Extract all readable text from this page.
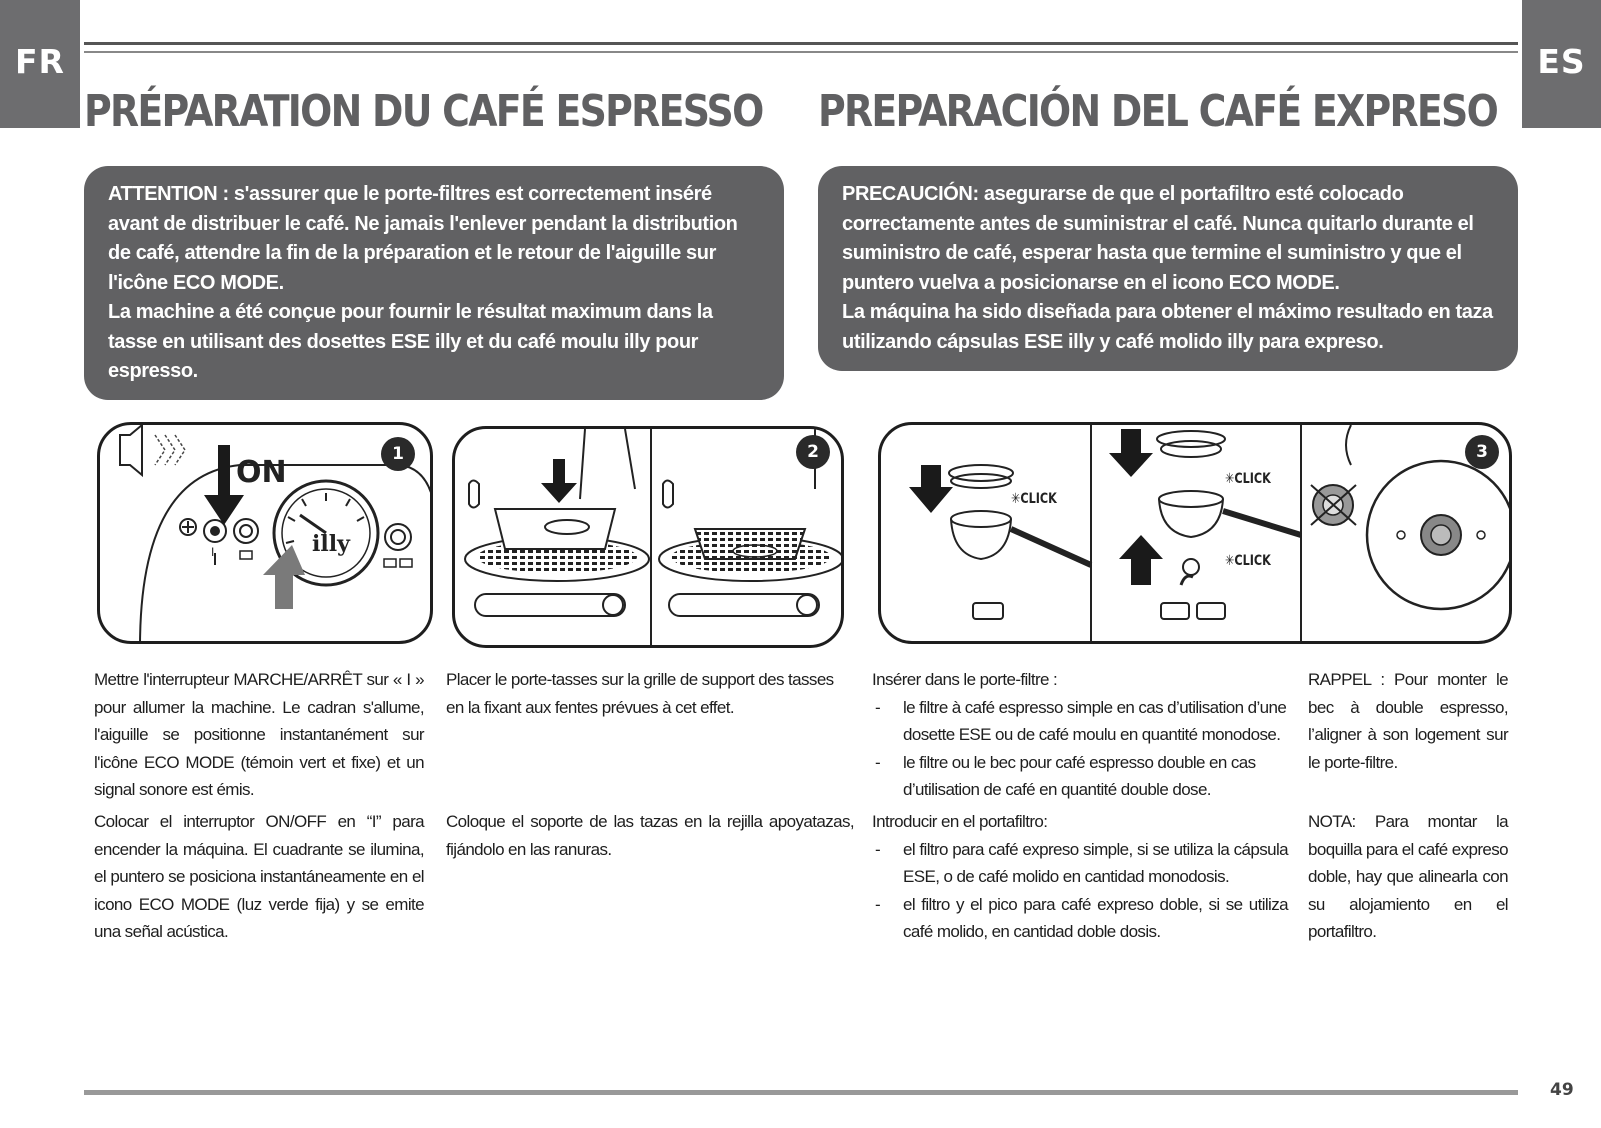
FR	ES
PRÉPARATION DU CAFÉ ESPRESSO PREPARACIÓN DEL CAFÉ EXPRESO

ATTENTION : s'assurer que le porte-filtres est correctement inséré avant de distribuer le café. Ne jamais l'enlever pendant la distribution de café, attendre la fin de la préparation et le retour de l'aiguille sur l'icône ECO MODE.

La machine a été conçue pour fournir le résultat maximum dans la tasse en utilisant des dosettes ESE illy et du café moulu illy pour espresso.

PRECAUCIÓN: asegurarse de que el portafiltro esté colocado correctamente antes de suministrar el café. Nunca quitarlo durante el suministro de café, esperar hasta que termine el suministro y que el puntero vuelva a posicionarse en el icono ECO MODE.

La máquina ha sido diseñada para obtener el máximo resultado en taza utilizando cápsulas ESE illy y café molido illy para expreso.

illy
ON
I
1	2
✳CLICK
✳CLICK
✳CLICK
3
Mettre l'interrupteur MARCHE/ARRÊT sur « I » pour allumer la machine. Le cadran s'allume, l'aiguille se positionne instantanément sur l'icône ECO MODE (témoin vert et fixe) et un signal sonore est émis.
Colocar el interruptor ON/OFF en “I” para encender la máquina. El cuadrante se ilumina, el puntero se posiciona instantáneamente en el icono ECO MODE (luz verde fija) y se emite una señal acústica.
Placer le porte-tasses sur la grille de support des tasses en la fixant aux fentes prévues à cet effet.
Coloque el soporte de las tazas en la rejilla apoyatazas, fijándolo en las ranuras.

Insérer dans le porte-filtre :

- le filtre à café espresso simple en cas d’utilisation d’une dosette ESE ou de café moulu en quantité monodose.
- le filtre ou le bec pour café espresso double en cas d’utilisation de café en quantité double dose.

Introducir en el portafiltro:

- el filtro para café expreso simple, si se utiliza la cápsula ESE, o de café molido en cantidad monodosis.
- el filtro y el pico para café expreso doble, si se utiliza café molido, en cantidad doble dosis.
RAPPEL : Pour monter le bec à double espresso, l’aligner à son logement sur le porte-filtre.
NOTA: Para montar la boquilla para el café expreso doble, hay que alinearla con su alojamiento en el portafiltro.
49
